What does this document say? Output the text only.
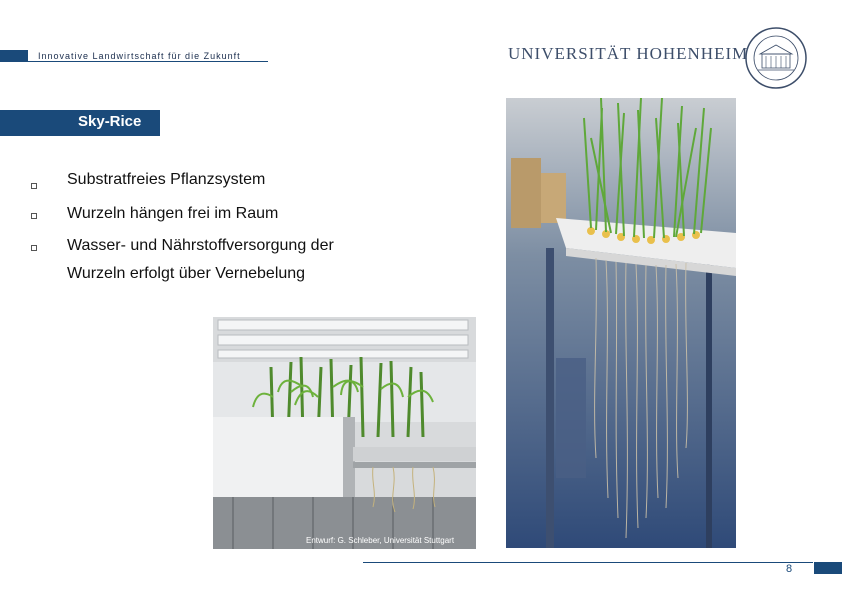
Innovative Landwirtschaft für die Zukunft	UNIVERSITÄT HOHENHEIM
Sky-Rice
Substratfreies Pflanzsystem
Wurzeln hängen frei im Raum
Wasser- und Nährstoffversorgung der
Wurzeln erfolgt über Vernebelung
Entwurf: G. Schleber, Universität Stuttgart
8
